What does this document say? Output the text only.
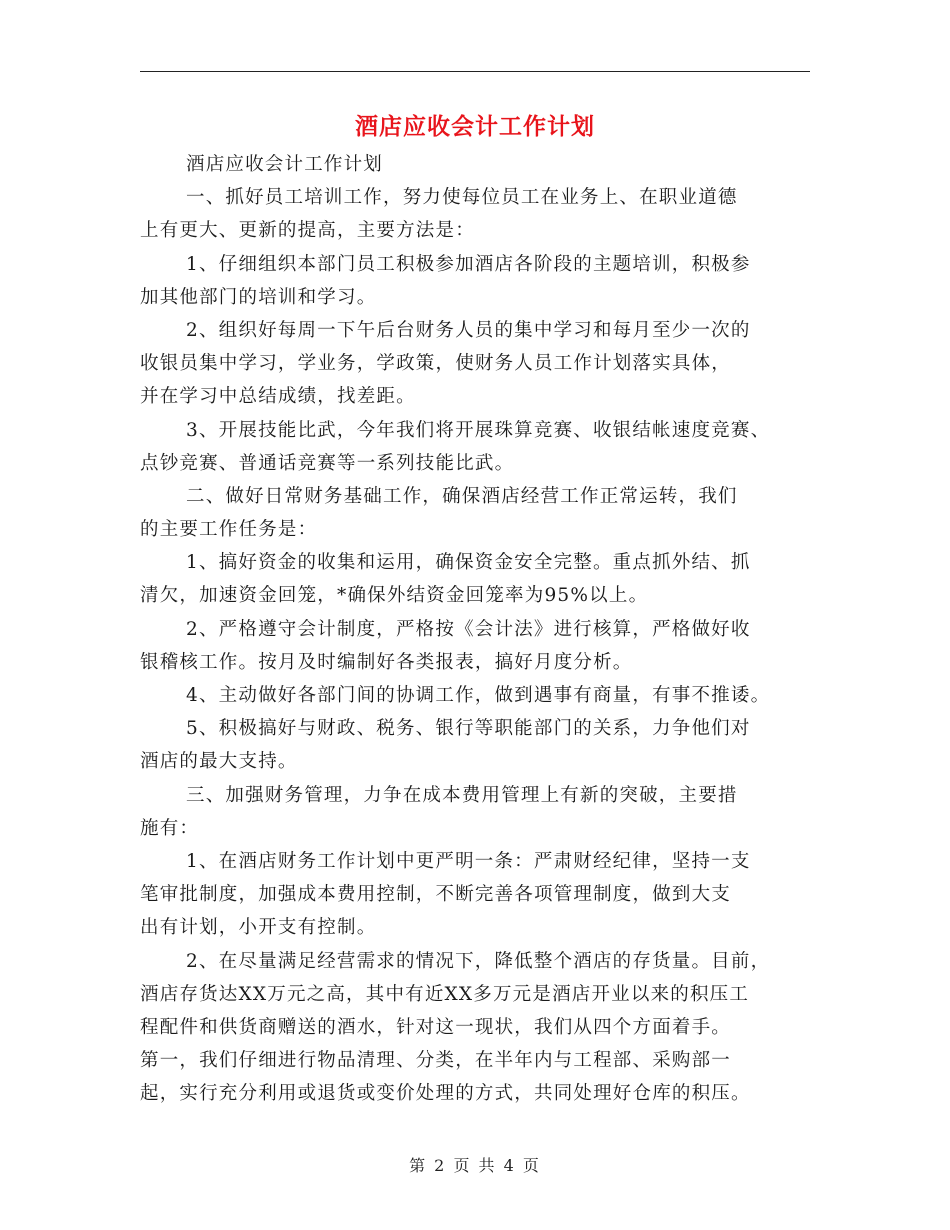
酒店应收会计工作计划
酒店应收会计工作计划
一、抓好员工培训工作，努力使每位员工在业务上、在职业道德
上有更大、更新的提高，主要方法是：
1、仔细组织本部门员工积极参加酒店各阶段的主题培训，积极参
加其他部门的培训和学习。
2、组织好每周一下午后台财务人员的集中学习和每月至少一次的
收银员集中学习，学业务，学政策，使财务人员工作计划落实具体，
并在学习中总结成绩，找差距。
3、开展技能比武，今年我们将开展珠算竞赛、收银结帐速度竞赛、
点钞竞赛、普通话竞赛等一系列技能比武。
二、做好日常财务基础工作，确保酒店经营工作正常运转，我们
的主要工作任务是：
1、搞好资金的收集和运用，确保资金安全完整。重点抓外结、抓
清欠，加速资金回笼，*确保外结资金回笼率为95%以上。
2、严格遵守会计制度，严格按《会计法》进行核算，严格做好收
银稽核工作。按月及时编制好各类报表，搞好月度分析。
4、主动做好各部门间的协调工作，做到遇事有商量，有事不推诿。
5、积极搞好与财政、税务、银行等职能部门的关系，力争他们对
酒店的最大支持。
三、加强财务管理，力争在成本费用管理上有新的突破，主要措
施有：
1、在酒店财务工作计划中更严明一条：严肃财经纪律，坚持一支
笔审批制度，加强成本费用控制，不断完善各项管理制度，做到大支
出有计划，小开支有控制。
2、在尽量满足经营需求的情况下，降低整个酒店的存货量。目前，
酒店存货达XX万元之高，其中有近XX多万元是酒店开业以来的积压工
程配件和供货商赠送的酒水，针对这一现状，我们从四个方面着手。
第一，我们仔细进行物品清理、分类，在半年内与工程部、采购部一
起，实行充分利用或退货或变价处理的方式，共同处理好仓库的积压。
第 2 页 共 4 页
